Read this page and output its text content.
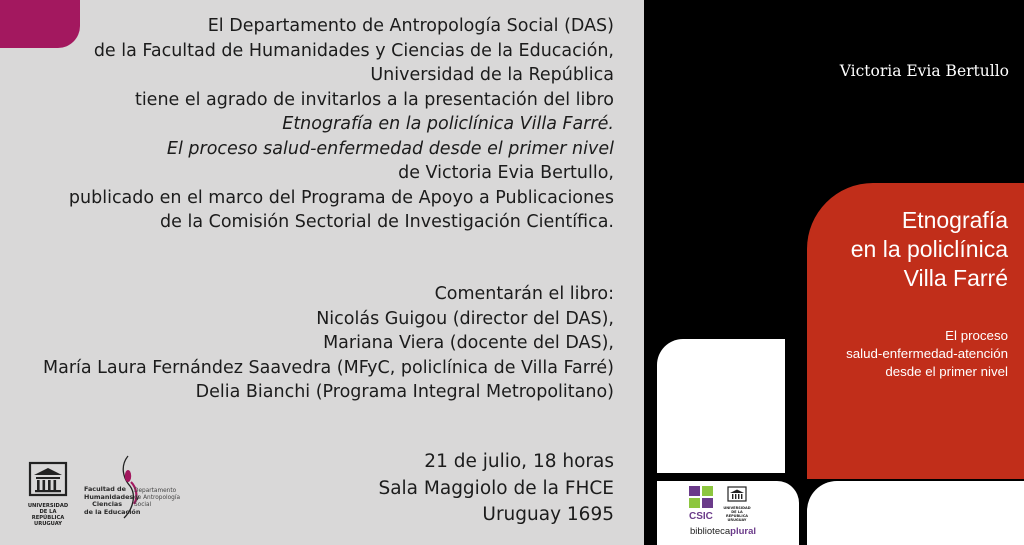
El Departamento de Antropología Social (DAS)
de la Facultad de Humanidades y Ciencias de la Educación,
Universidad de la República
tiene el agrado de invitarlos a la presentación del libro
Etnografía en la policlínica Villa Farré.
El proceso salud-enfermedad desde el primer nivel
de Victoria Evia Bertullo,
publicado en el marco del Programa de Apoyo a Publicaciones
de la Comisión Sectorial de Investigación Científica.
Comentarán el libro:
Nicolás Guigou (director del DAS),
Mariana Viera (docente del DAS),
María Laura Fernández Saavedra (MFyC, policlínica de Villa Farré)
Delia Bianchi (Programa Integral Metropolitano)
21 de julio, 18 horas
Sala Maggiolo de la FHCE
Uruguay 1695
UNIVERSIDAD
DE LA REPÚBLICA
URUGUAY
Facultad de
Humanidades y
Ciencias
de la Educación
Departamento
de Antropología
Social
Victoria Evia Bertullo
Etnografía
en la policlínica
Villa Farré
El proceso
salud-enfermedad-atención
desde el primer nivel
CSIC
UNIVERSIDAD
DE LA REPÚBLICA
URUGUAY
bibliotecaplural
